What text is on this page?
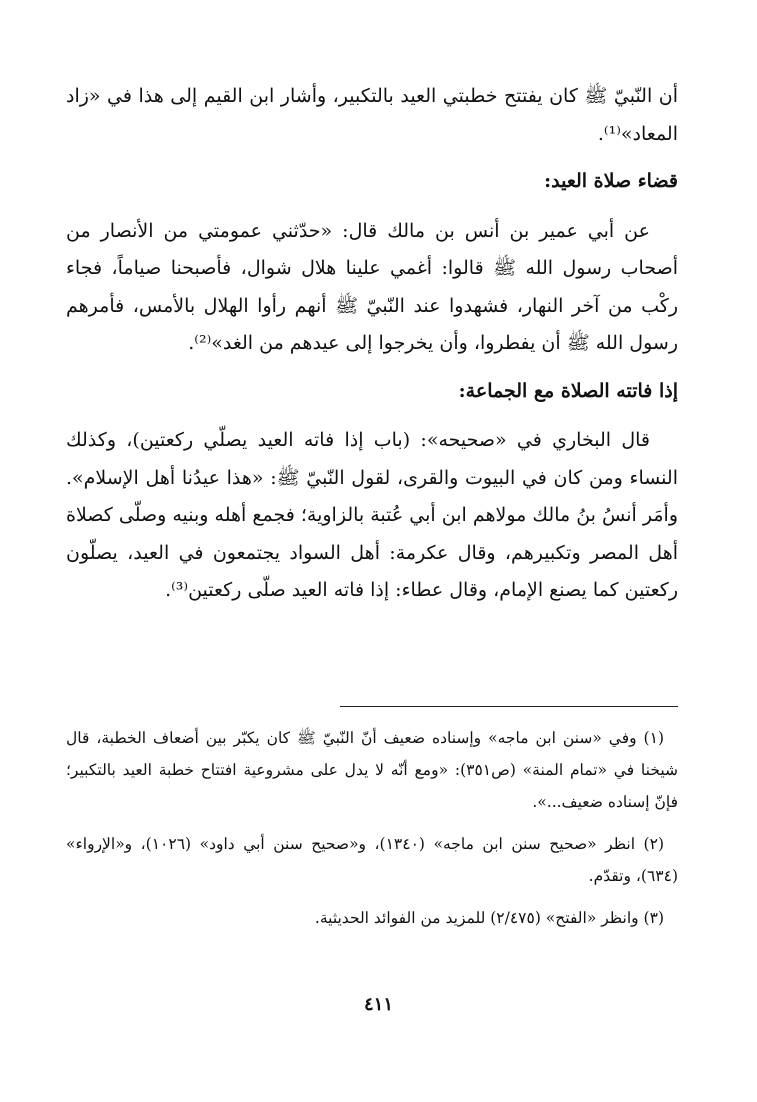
أن النّبيّ ﷺ كان يفتتح خطبتي العيد بالتكبير، وأشار ابن القيم إلى هذا في «زاد المعاد»⁽¹⁾.

قضاء صلاة العيد:

عن أبي عمير بن أنس بن مالك قال: «حدّثني عمومتي من الأنصار من أصحاب رسول الله ﷺ قالوا: أغمي علينا هلال شوال، فأصبحنا صياماً، فجاء ركْب من آخر النهار، فشهدوا عند النّبيّ ﷺ أنهم رأوا الهلال بالأمس، فأمرهم رسول الله ﷺ أن يفطروا، وأن يخرجوا إلى عيدهم من الغد»⁽²⁾.

إذا فاتته الصلاة مع الجماعة:

قال البخاري في «صحيحه»: (باب إذا فاته العيد يصلّي ركعتين)، وكذلك النساء ومن كان في البيوت والقرى، لقول النّبيّ ﷺ: «هذا عيدُنا أهل الإسلام». وأمَر أنسُ بنُ مالك مولاهم ابن أبي عُتبة بالزاوية؛ فجمع أهله وبنيه وصلّى كصلاة أهل المصر وتكبيرهم، وقال عكرمة: أهل السواد يجتمعون في العيد، يصلّون ركعتين كما يصنع الإمام، وقال عطاء: إذا فاته العيد صلّى ركعتين⁽³⁾.

(١) وفي «سنن ابن ماجه» وإسناده ضعيف أنّ النّبيّ ﷺ كان يكبّر بين أضعاف الخطبة، قال شيخنا في «تمام المنة» (ص٣٥١): «ومع أنّه لا يدل على مشروعية افتتاح خطبة العيد بالتكبير؛ فإنّ إسناده ضعيف...».

(٢) انظر «صحيح سنن ابن ماجه» (١٣٤٠)، و«صحيح سنن أبي داود» (١٠٢٦)، و«الإرواء» (٦٣٤)، وتقدّم.

(٣) وانظر «الفتح» (٢/٤٧٥) للمزيد من الفوائد الحديثية.

٤١١
